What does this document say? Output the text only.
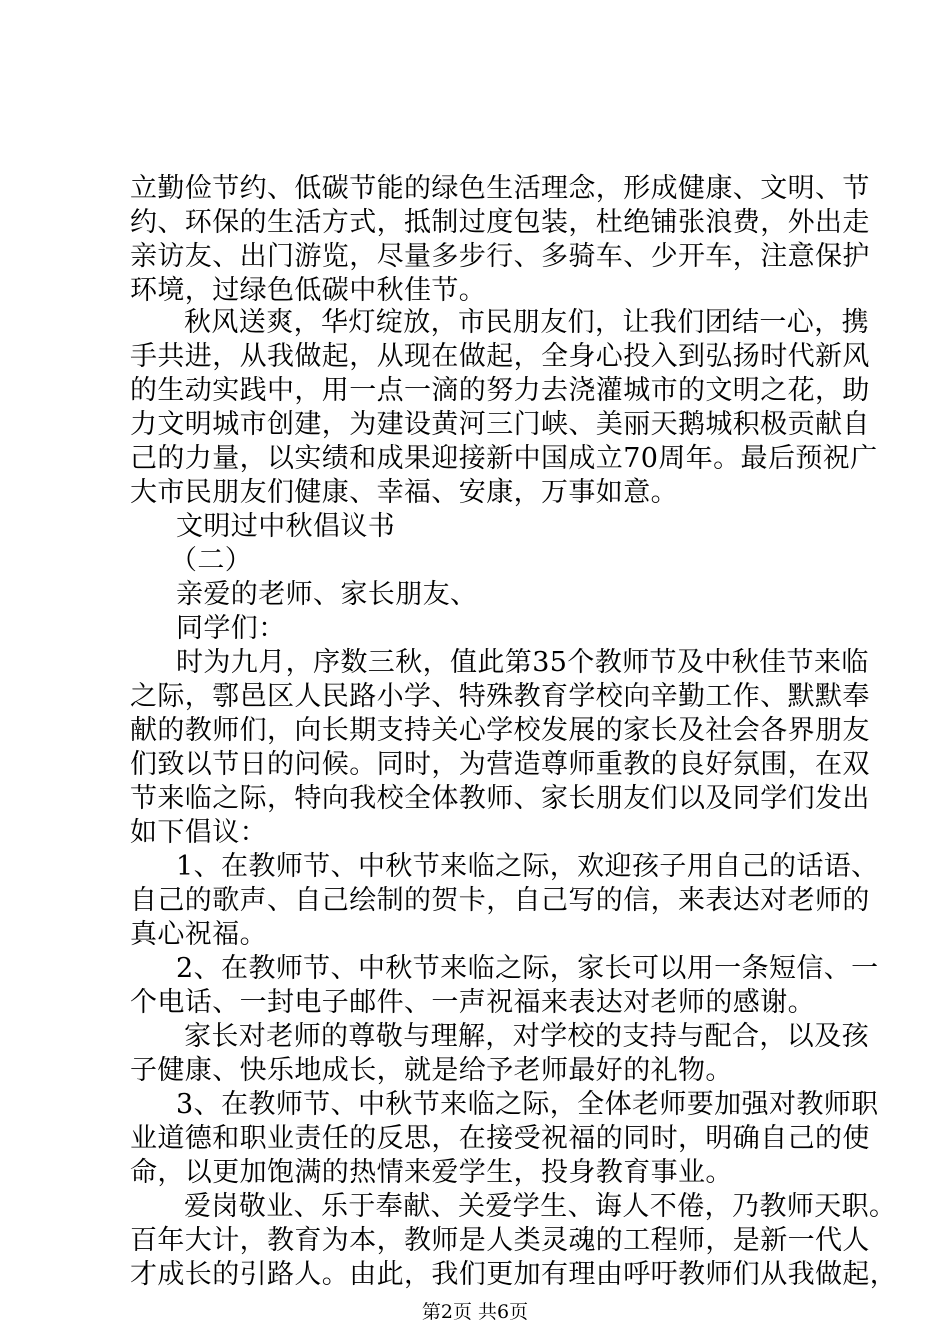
立勤俭节约、低碳节能的绿色生活理念，形成健康、文明、节
约、环保的生活方式，抵制过度包装，杜绝铺张浪费，外出走
亲访友、出门游览，尽量多步行、多骑车、少开车，注意保护
环境，过绿色低碳中秋佳节。
秋风送爽，华灯绽放，市民朋友们，让我们团结一心，携
手共进，从我做起，从现在做起，全身心投入到弘扬时代新风
的生动实践中，用一点一滴的努力去浇灌城市的文明之花，助
力文明城市创建，为建设黄河三门峡、美丽天鹅城积极贡献自
己的力量，以实绩和成果迎接新中国成立70周年。最后预祝广
大市民朋友们健康、幸福、安康，万事如意。
文明过中秋倡议书
（二）
亲爱的老师、家长朋友、
同学们：
时为九月，序数三秋，值此第35个教师节及中秋佳节来临
之际，鄠邑区人民路小学、特殊教育学校向辛勤工作、默默奉
献的教师们，向长期支持关心学校发展的家长及社会各界朋友
们致以节日的问候。同时，为营造尊师重教的良好氛围，在双
节来临之际，特向我校全体教师、家长朋友们以及同学们发出
如下倡议：
1、在教师节、中秋节来临之际，欢迎孩子用自己的话语、
自己的歌声、自己绘制的贺卡，自己写的信，来表达对老师的
真心祝福。
2、在教师节、中秋节来临之际，家长可以用一条短信、一
个电话、一封电子邮件、一声祝福来表达对老师的感谢。
家长对老师的尊敬与理解，对学校的支持与配合，以及孩
子健康、快乐地成长，就是给予老师最好的礼物。
3、在教师节、中秋节来临之际，全体老师要加强对教师职
业道德和职业责任的反思，在接受祝福的同时，明确自己的使
命，以更加饱满的热情来爱学生，投身教育事业。
爱岗敬业、乐于奉献、关爱学生、诲人不倦，乃教师天职。
百年大计，教育为本，教师是人类灵魂的工程师，是新一代人
才成长的引路人。由此，我们更加有理由呼吁教师们从我做起，
第2页 共6页
